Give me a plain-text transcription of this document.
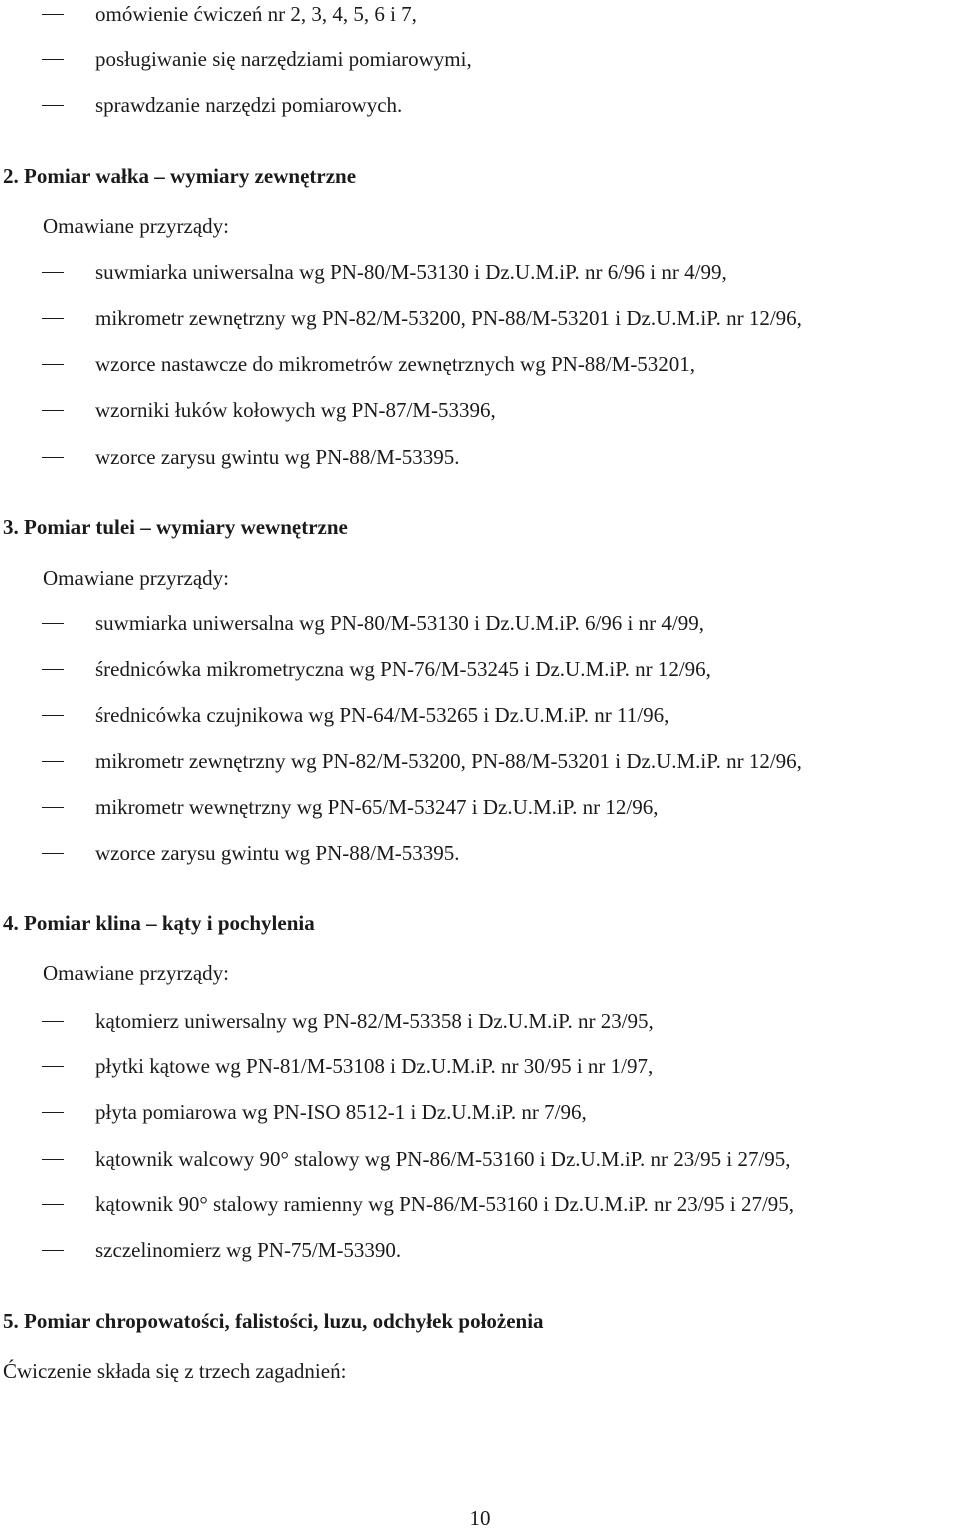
omówienie ćwiczeń nr 2, 3, 4, 5, 6 i 7,
posługiwanie się narzędziami pomiarowymi,
sprawdzanie narzędzi pomiarowych.
2. Pomiar wałka – wymiary zewnętrzne
Omawiane przyrządy:
suwmiarka uniwersalna wg PN-80/M-53130 i Dz.U.M.iP. nr 6/96 i nr 4/99,
mikrometr zewnętrzny wg PN-82/M-53200, PN-88/M-53201 i Dz.U.M.iP. nr 12/96,
wzorce nastawcze do mikrometrów zewnętrznych wg PN-88/M-53201,
wzorniki łuków kołowych wg PN-87/M-53396,
wzorce zarysu gwintu wg PN-88/M-53395.
3. Pomiar tulei – wymiary wewnętrzne
Omawiane przyrządy:
suwmiarka uniwersalna wg PN-80/M-53130 i Dz.U.M.iP. 6/96 i nr 4/99,
średnicówka mikrometryczna wg PN-76/M-53245 i Dz.U.M.iP. nr 12/96,
średnicówka czujnikowa wg PN-64/M-53265 i Dz.U.M.iP. nr 11/96,
mikrometr zewnętrzny wg PN-82/M-53200, PN-88/M-53201 i Dz.U.M.iP. nr 12/96,
mikrometr wewnętrzny wg PN-65/M-53247 i Dz.U.M.iP. nr 12/96,
wzorce zarysu gwintu wg PN-88/M-53395.
4. Pomiar klina – kąty i pochylenia
Omawiane przyrządy:
kątomierz uniwersalny wg PN-82/M-53358 i Dz.U.M.iP. nr 23/95,
płytki kątowe wg PN-81/M-53108 i Dz.U.M.iP. nr 30/95 i nr 1/97,
płyta pomiarowa wg PN-ISO 8512-1 i Dz.U.M.iP. nr 7/96,
kątownik walcowy 90° stalowy wg PN-86/M-53160 i Dz.U.M.iP. nr 23/95 i 27/95,
kątownik 90° stalowy ramienny wg PN-86/M-53160 i Dz.U.M.iP. nr 23/95 i 27/95,
szczelinomierz wg PN-75/M-53390.
5. Pomiar chropowatości, falistości, luzu, odchyłek położenia
Ćwiczenie składa się z trzech zagadnień:
10
